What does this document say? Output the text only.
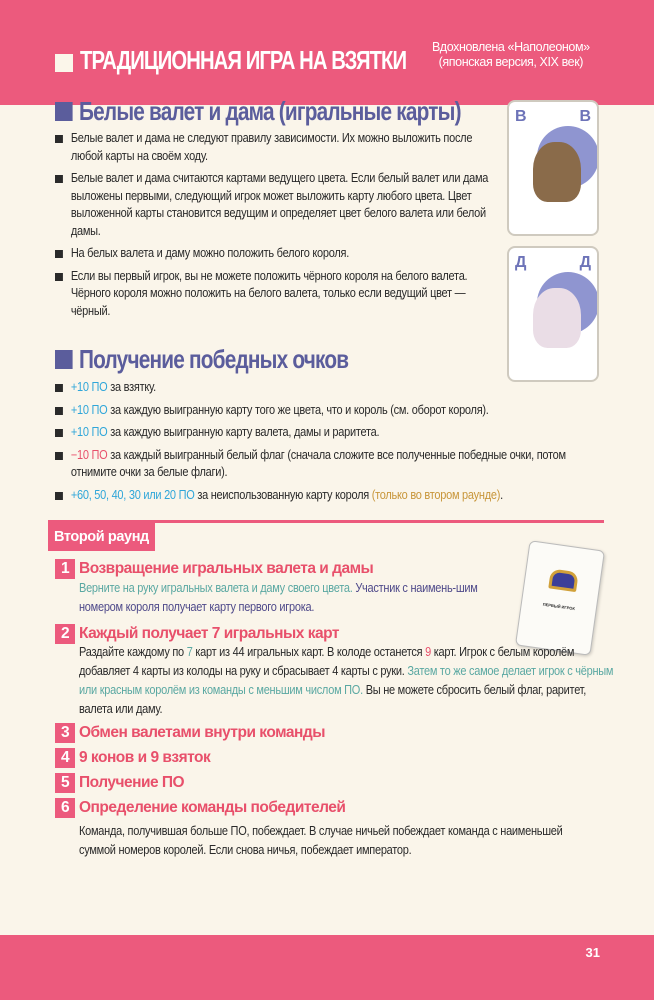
ТРАДИЦИОННАЯ ИГРА НА ВЗЯТКИ Вдохновлена «Наполеоном»
(японская версия, XIX век)
Белые валет и дама (игральные карты)
Белые валет и дама не следуют правилу зависимости. Их можно выложить после любой карты на своём ходу.
Белые валет и дама считаются картами ведущего цвета. Если белый валет или дама выложены первыми, следующий игрок может выложить карту любого цвета. Цвет выложенной карты становится ведущим и определяет цвет белого валета или белой дамы.
На белых валета и даму можно положить белого короля.
Если вы первый игрок, вы не можете положить чёрного короля на белого валета. Чёрного короля можно положить на белого валета, только если ведущий цвет — чёрный.
В	В
Д	Д
Получение победных очков
+10 ПО за взятку.
+10 ПО за каждую выигранную карту того же цвета, что и король (см. оборот короля).
+10 ПО за каждую выигранную карту валета, дамы и раритета.
−10 ПО за каждый выигранный белый флаг (сначала сложите все полученные победные очки, потом отнимите очки за белые флаги).
+60, 50, 40, 30 или 20 ПО за неиспользованную карту короля (только во втором раунде).
Второй раунд
ПЕРВЫЙ ИГРОК
1 Возвращение игральных валета и дамы
Верните на руку игральных валета и даму своего цвета. Участник с наимень-шим номером короля получает карту первого игрока.
2 Каждый получает 7 игральных карт
Раздайте каждому по 7 карт из 44 игральных карт. В колоде останется 9 карт. Игрок с белым королём добавляет 4 карты из колоды на руку и сбрасывает 4 карты с руки. Затем то же самое делает игрок с чёрным или красным королём из команды с меньшим числом ПО. Вы не можете сбросить белый флаг, раритет, валета или даму.
3 Обмен валетами внутри команды
4 9 конов и 9 взяток
5 Получение ПО
6 Определение команды победителей
Команда, получившая больше ПО, побеждает. В случае ничьей побеждает команда с наименьшей суммой номеров королей. Если снова ничья, побеждает император.
31
